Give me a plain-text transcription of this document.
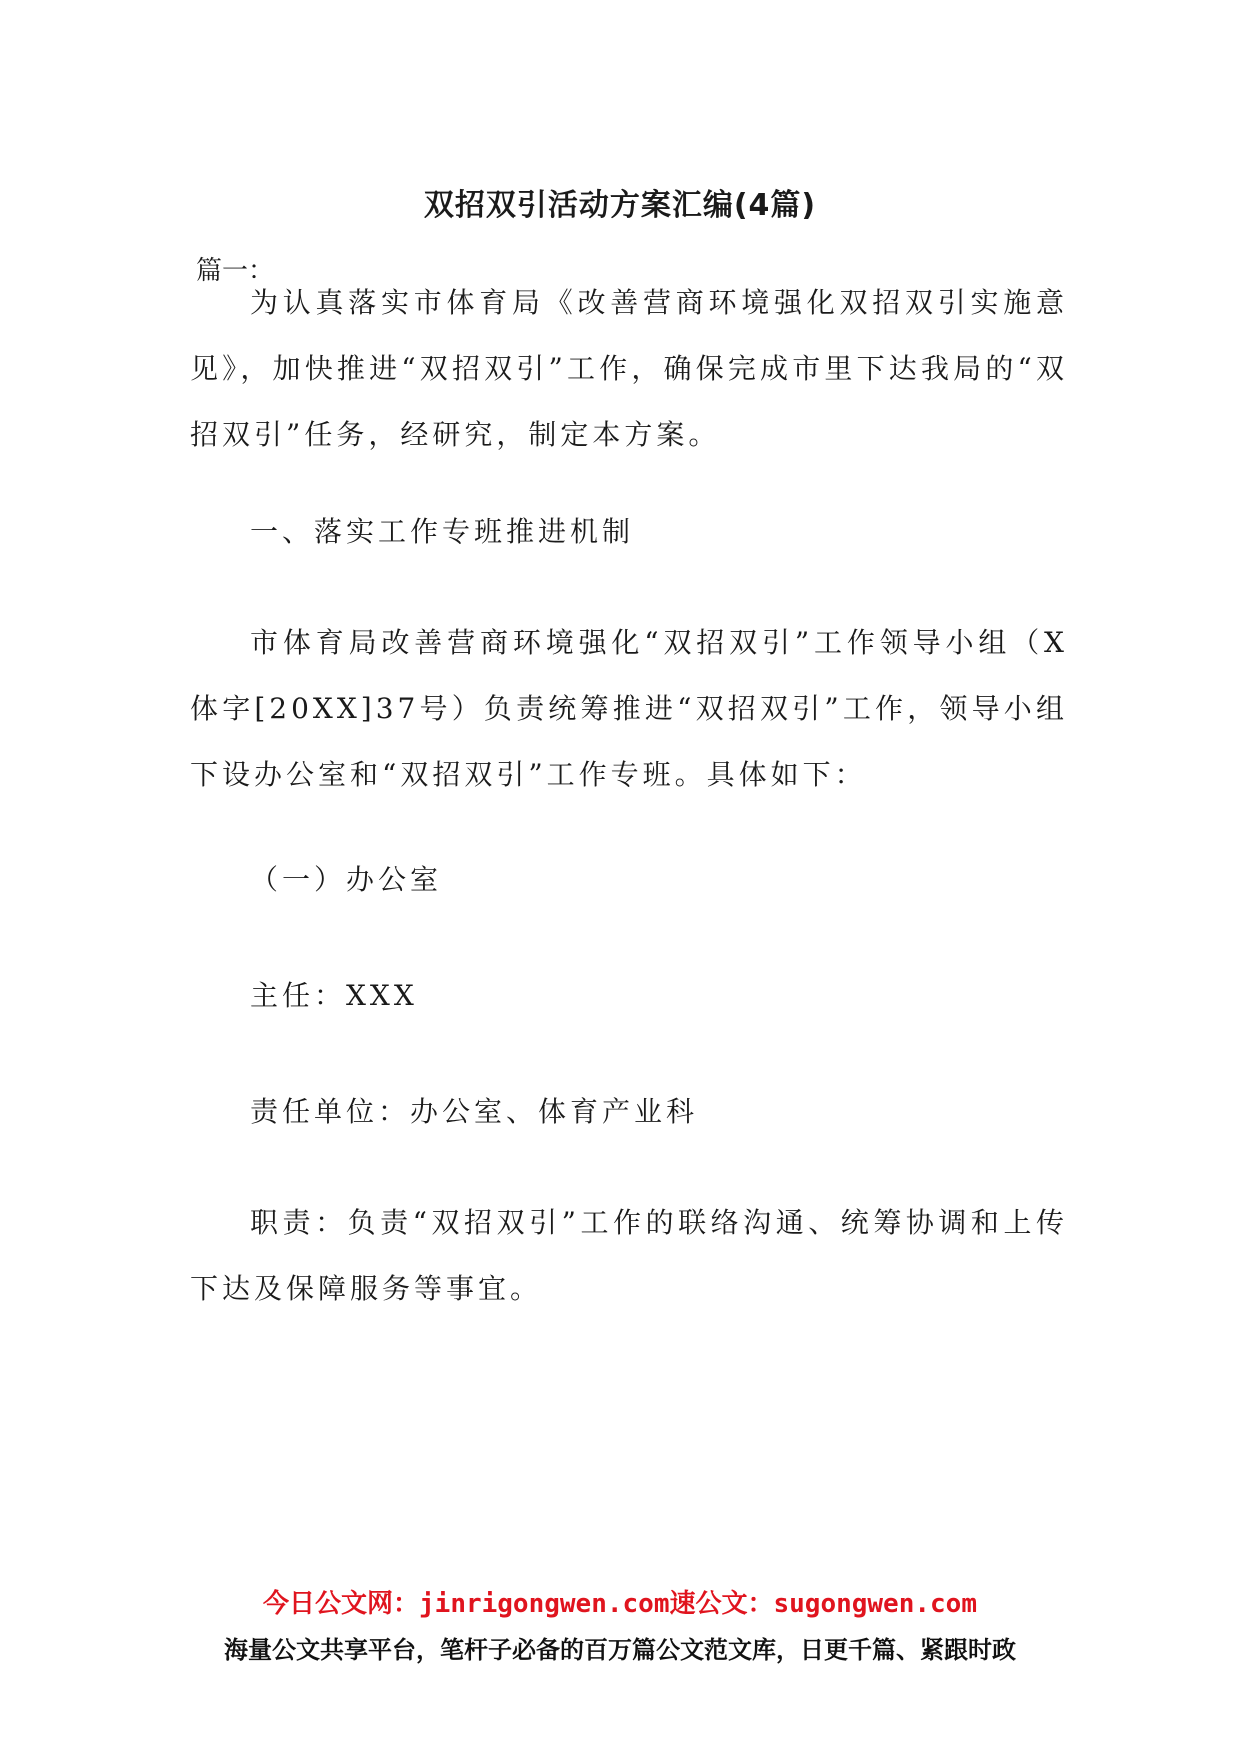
双招双引活动方案汇编(4篇)
篇一：

为认真落实市体育局《改善营商环境强化双招双引实施意见》，加快推进“双招双引”工作，确保完成市里下达我局的“双招双引”任务，经研究，制定本方案。

一、落实工作专班推进机制

市体育局改善营商环境强化“双招双引”工作领导小组（X体字[20XX]37号）负责统筹推进“双招双引”工作，领导小组下设办公室和“双招双引”工作专班。具体如下：

（一）办公室
主任：XXX
责任单位：办公室、体育产业科

职责：负责“双招双引”工作的联络沟通、统筹协调和上传下达及保障服务等事宜。

今日公文网：jinrigongwen.com速公文：sugongwen.com
海量公文共享平台，笔杆子必备的百万篇公文范文库，日更千篇、紧跟时政
